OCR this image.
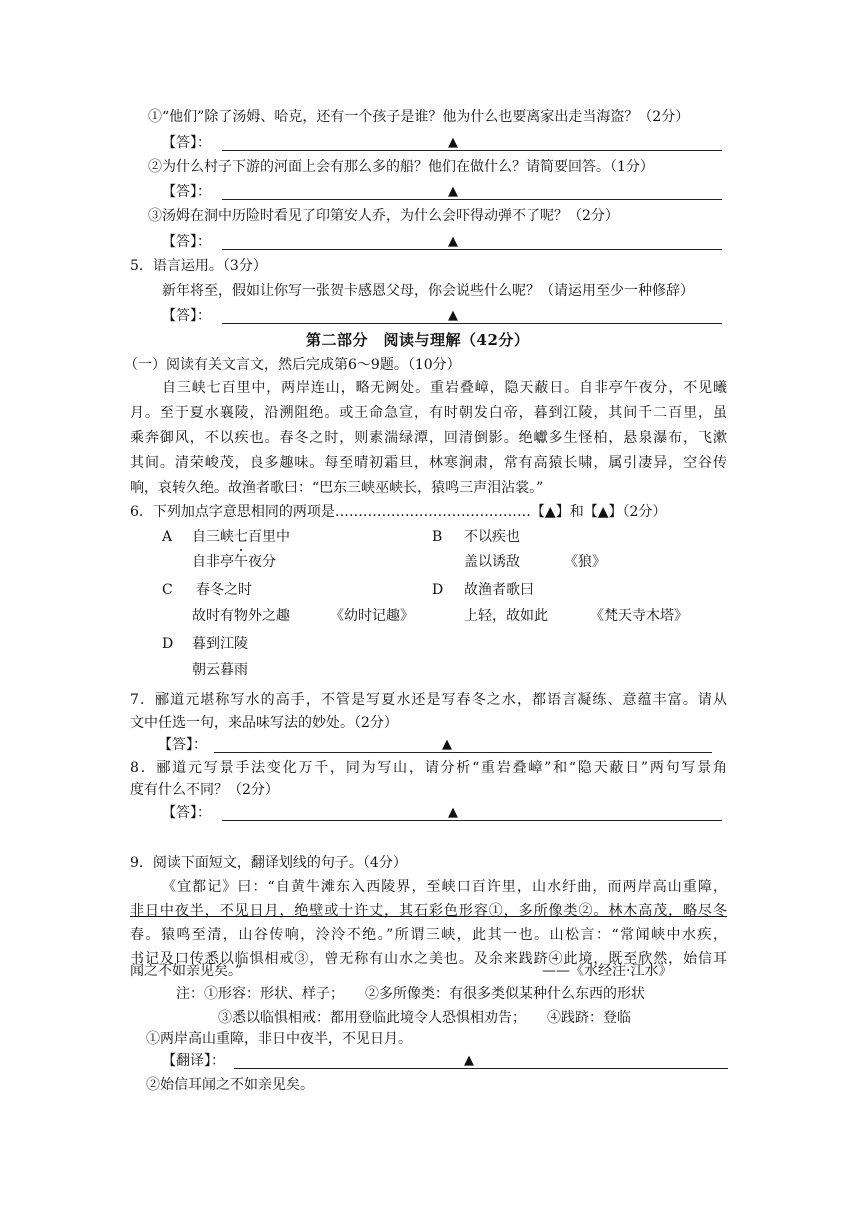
①“他们”除了汤姆、哈克，还有一个孩子是谁？他为什么也要离家出走当海盗？（2分）
【答】：	▲
②为什么村子下游的河面上会有那么多的船？他们在做什么？请简要回答。（1分）
【答】：	▲
③汤姆在洞中历险时看见了印第安人乔，为什么会吓得动弹不了呢？（2分）
【答】：	▲
5．语言运用。（3分）
新年将至，假如让你写一张贺卡感恩父母，你会说些什么呢？（请运用至少一种修辞）
【答】：	▲
第二部分　阅读与理解（42分）
（一）阅读有关文言文，然后完成第6～9题。（10分）
自三峡七百里中，两岸连山，略无阙处。重岩叠嶂，隐天蔽日。自非亭午夜分，不见曦
月。至于夏水襄陵，沿溯阻绝。或王命急宣，有时朝发白帝，暮到江陵，其间千二百里，虽
乘奔御风，不以疾也。春冬之时，则素湍绿潭，回清倒影。绝巘多生怪柏，悬泉瀑布，飞漱
其间。清荣峻茂，良多趣味。每至晴初霜旦，林寒涧肃，常有高猿长啸，属引凄异，空谷传
响，哀转久绝。故渔者歌曰：“巴东三峡巫峡长，猿鸣三声泪沾裳。”
6．下列加点字意思相同的两项是……………………………………【▲】和【▲】（2分）
A 自三峡七百里中
自非亭午夜分
B 不以疾也
盖以诱敌	《狼》
C 春冬之时
故时有物外之趣	《幼时记趣》
D 故渔者歌曰
上轻，故如此	《梵天寺木塔》
D 暮到江陵
朝云暮雨
7．郦道元堪称写水的高手，不管是写夏水还是写春冬之水，都语言凝练、意蕴丰富。请从
文中任选一句，来品味写法的妙处。（2分）
【答】：	▲
8．郦道元写景手法变化万千，同为写山，请分析“重岩叠嶂”和“隐天蔽日”两句写景角
度有什么不同？（2分）
【答】：	▲
9．阅读下面短文，翻译划线的句子。（4分）
《宜都记》曰：“自黄牛滩东入西陵界，至峡口百许里，山水纡曲，而两岸高山重障，
非日中夜半，不见日月，绝壁或十许丈，其石彩色形容①，多所像类②。林木高茂，略尽冬
春。猿鸣至清，山谷传响，泠泠不绝。”所谓三峡，此其一也。山松言：“常闻峡中水疾，
书记及口传悉以临惧相戒③，曾无称有山水之美也。及余来践跻④此境，既至欣然，始信耳
闻之不如亲见矣。”	——《水经注·江水》
注：①形容：形状、样子；　　②多所像类：有很多类似某种什么东西的形状
③悉以临惧相戒：都用登临此境令人恐惧相劝告；　　④践跻：登临
①两岸高山重障，非日中夜半，不见日月。
【翻译】：	▲
②始信耳闻之不如亲见矣。
